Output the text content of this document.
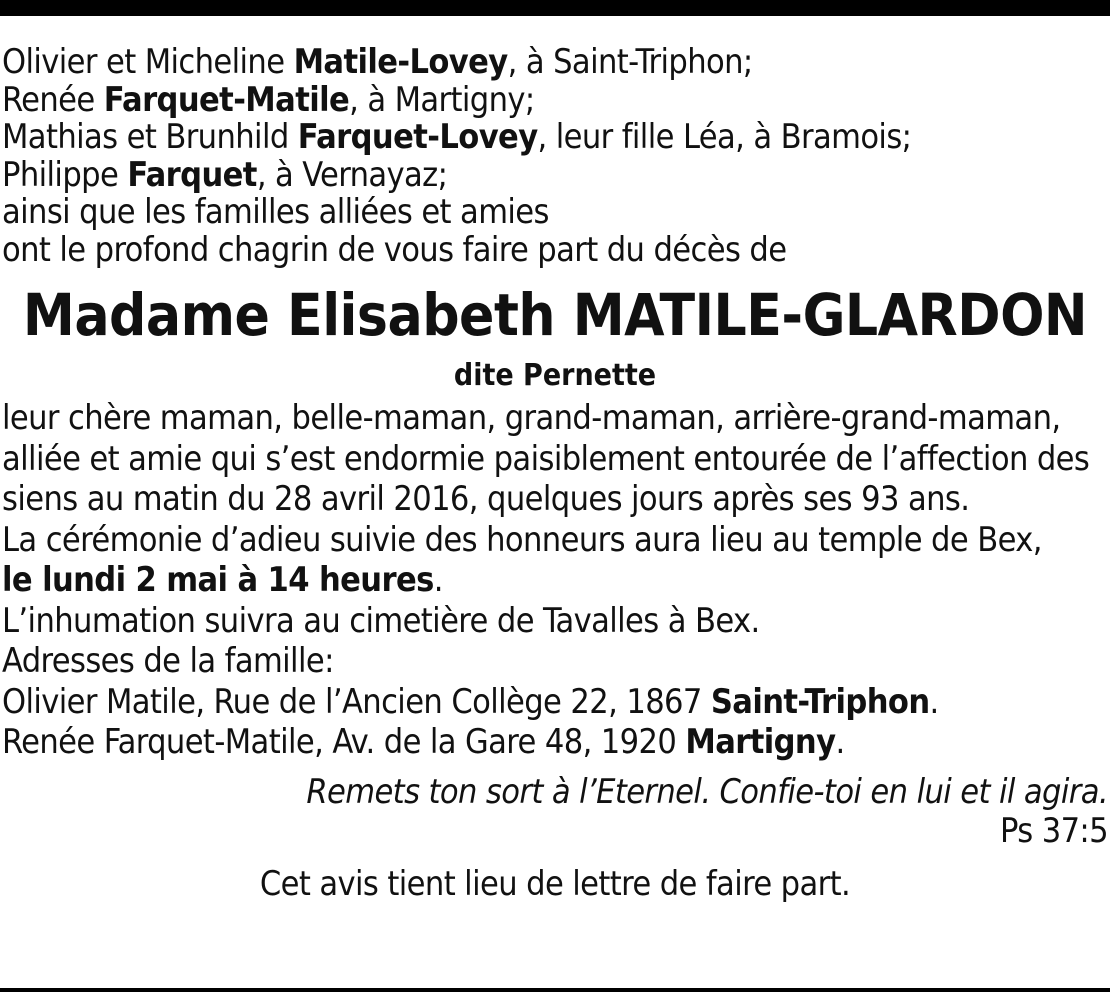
Olivier et Micheline Matile-Lovey, à Saint-Triphon;
Renée Farquet-Matile, à Martigny;
Mathias et Brunhild Farquet-Lovey, leur fille Léa, à Bramois;
Philippe Farquet, à Vernayaz;
ainsi que les familles alliées et amies
ont le profond chagrin de vous faire part du décès de
Madame Elisabeth MATILE-GLARDON
dite Pernette
leur chère maman, belle-maman, grand-maman, arrière-grand-maman,
alliée et amie qui s’est endormie paisiblement entourée de l’affection des
siens au matin du 28 avril 2016, quelques jours après ses 93 ans.
La cérémonie d’adieu suivie des honneurs aura lieu au temple de Bex,
le lundi 2 mai à 14 heures.
L’inhumation suivra au cimetière de Tavalles à Bex.
Adresses de la famille:
Olivier Matile, Rue de l’Ancien Collège 22, 1867 Saint-Triphon.
Renée Farquet-Matile, Av. de la Gare 48, 1920 Martigny.
Remets ton sort à l’Eternel. Confie-toi en lui et il agira.
Ps 37:5
Cet avis tient lieu de lettre de faire part.
